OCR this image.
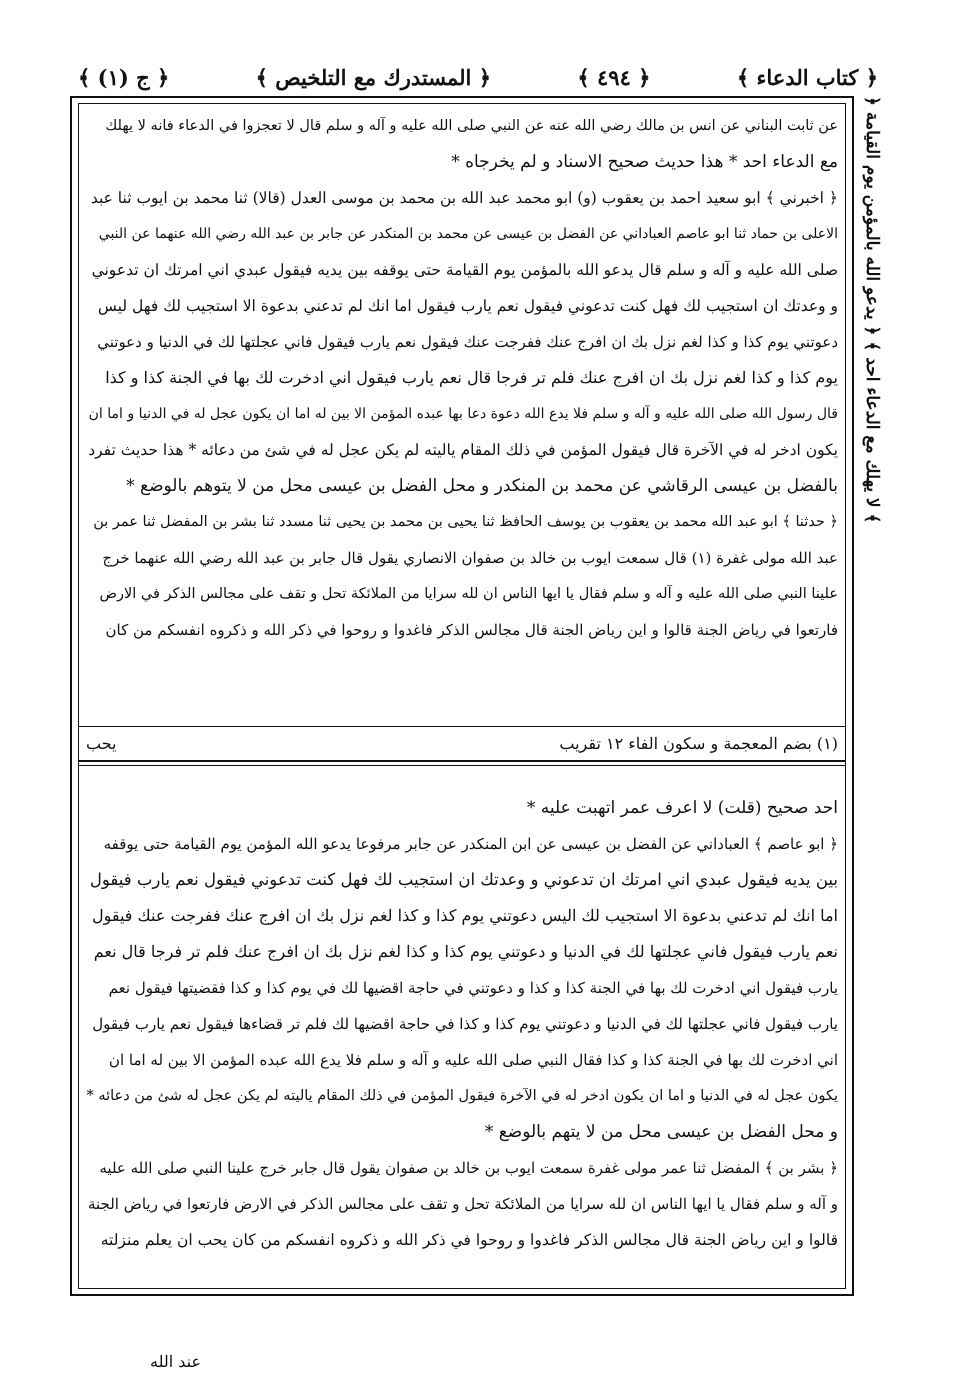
﴿ كتاب الدعاء ﴾
﴿ ٤٩٤ ﴾
﴿ المستدرك مع التلخيص ﴾
﴿ ج (١) ﴾
﴿ لا يهلك مع الدعاء احد ﴾ ﴿ يدعو الله بالمؤمن يوم القيامة ﴾
عن ثابت البناني عن انس بن مالك رضي الله عنه عن النبي صلى الله عليه و آله و سلم قال لا تعجزوا في الدعاء فانه لا يهلك
مع الدعاء احد * هذا حديث صحيح الاسناد و لم يخرجاه *
﴿ اخبرني ﴾ ابو سعيد احمد بن يعقوب (و) ابو محمد عبد الله بن محمد بن موسى العدل (قالا) ثنا محمد بن ايوب ثنا عبد
الاعلى بن حماد ثنا ابو عاصم العباداني عن الفضل بن عيسى عن محمد بن المنكدر عن جابر بن عبد الله رضي الله عنهما عن النبي
صلى الله عليه و آله و سلم قال يدعو الله بالمؤمن يوم القيامة حتى يوقفه بين يديه فيقول عبدي اني امرتك ان تدعوني
و وعدتك ان استجيب لك فهل كنت تدعوني فيقول نعم يارب فيقول اما انك لم تدعني بدعوة الا استجيب لك فهل ليس
دعوتني يوم كذا و كذا لغم نزل بك ان افرج عنك ففرجت عنك فيقول نعم يارب فيقول فاني عجلتها لك في الدنيا و دعوتني
يوم كذا و كذا لغم نزل بك ان افرج عنك فلم تر فرجا قال نعم يارب فيقول اني ادخرت لك بها في الجنة كذا و كذا
قال رسول الله صلى الله عليه و آله و سلم فلا يدع الله دعوة دعا بها عبده المؤمن الا بين له اما ان يكون عجل له في الدنيا و اما ان
يكون ادخر له في الآخرة قال فيقول المؤمن في ذلك المقام ياليته لم يكن عجل له في شئ من دعائه * هذا حديث تفرد
بالفضل بن عيسى الرقاشي عن محمد بن المنكدر و محل الفضل بن عيسى محل من لا يتوهم بالوضع *
﴿ حدثنا ﴾ ابو عبد الله محمد بن يعقوب بن يوسف الحافظ ثنا يحيى بن محمد بن يحيى ثنا مسدد ثنا بشر بن المفضل ثنا عمر بن
عبد الله مولى غفرة (١) قال سمعت ايوب بن خالد بن صفوان الانصاري يقول قال جابر بن عبد الله رضي الله عنهما خرج
علينا النبي صلى الله عليه و آله و سلم فقال يا ايها الناس ان لله سرايا من الملائكة تحل و تقف على مجالس الذكر في الارض
فارتعوا في رياض الجنة قالوا و اين رياض الجنة قال مجالس الذكر فاغدوا و روحوا في ذكر الله و ذكروه انفسكم من كان
(١) بضم المعجمة و سكون الفاء ١٢ تقريب
يحب
احد صحيح (قلت) لا اعرف عمر اتهبت عليه *
﴿ ابو عاصم ﴾ العباداني عن الفضل بن عيسى عن ابن المنكدر عن جابر مرفوعا يدعو الله المؤمن يوم القيامة حتى يوقفه
بين يديه فيقول عبدي اني امرتك ان تدعوني و وعدتك ان استجيب لك فهل كنت تدعوني فيقول نعم يارب فيقول
اما انك لم تدعني بدعوة الا استجيب لك اليس دعوتني يوم كذا و كذا لغم نزل بك ان افرج عنك ففرجت عنك فيقول
نعم يارب فيقول فاني عجلتها لك في الدنيا و دعوتني يوم كذا و كذا لغم نزل بك ان افرج عنك فلم تر فرجا قال نعم
يارب فيقول اني ادخرت لك بها في الجنة كذا و كذا و دعوتني في حاجة اقضيها لك في يوم كذا و كذا فقضيتها فيقول نعم
يارب فيقول فاني عجلتها لك في الدنيا و دعوتني يوم كذا و كذا في حاجة اقضيها لك فلم تر قضاءها فيقول نعم يارب فيقول
اني ادخرت لك بها في الجنة كذا و كذا فقال النبي صلى الله عليه و آله و سلم فلا يدع الله عبده المؤمن الا بين له اما ان
يكون عجل له في الدنيا و اما ان يكون ادخر له في الآخرة فيقول المؤمن في ذلك المقام ياليته لم يكن عجل له شئ من دعائه *
و محل الفضل بن عيسى محل من لا يتهم بالوضع *
﴿ بشر بن ﴾ المفضل ثنا عمر مولى غفرة سمعت ايوب بن خالد بن صفوان يقول قال جابر خرج علينا النبي صلى الله عليه
و آله و سلم فقال يا ايها الناس ان لله سرايا من الملائكة تحل و تقف على مجالس الذكر في الارض فارتعوا في رياض الجنة
قالوا و اين رياض الجنة قال مجالس الذكر فاغدوا و روحوا في ذكر الله و ذكروه انفسكم من كان يحب ان يعلم منزلته
عند الله
